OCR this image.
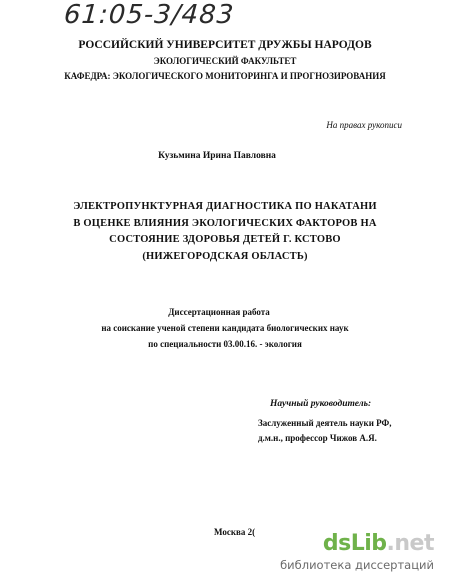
61:05-3/483
РОССИЙСКИЙ УНИВЕРСИТЕТ ДРУЖБЫ НАРОДОВ
ЭКОЛОГИЧЕСКИЙ ФАКУЛЬТЕТ
КАФЕДРА: ЭКОЛОГИЧЕСКОГО МОНИТОРИНГА И ПРОГНОЗИРОВАНИЯ
На правах рукописи
Кузьмина Ирина Павловна
ЭЛЕКТРОПУНКТУРНАЯ ДИАГНОСТИКА ПО НАКАТАНИ
В ОЦЕНКЕ ВЛИЯНИЯ ЭКОЛОГИЧЕСКИХ ФАКТОРОВ НА
СОСТОЯНИЕ ЗДОРОВЬЯ ДЕТЕЙ Г. КСТОВО
(НИЖЕГОРОДСКАЯ ОБЛАСТЬ)
Диссертационная работа
на соискание ученой степени кандидата биологических наук
по специальности 03.00.16. - экология
Научный руководитель:
Заслуженный деятель науки РФ,
д.м.н., профессор Чижов А.Я.
Москва 2(	dsLib.net
библиотека диссертаций
